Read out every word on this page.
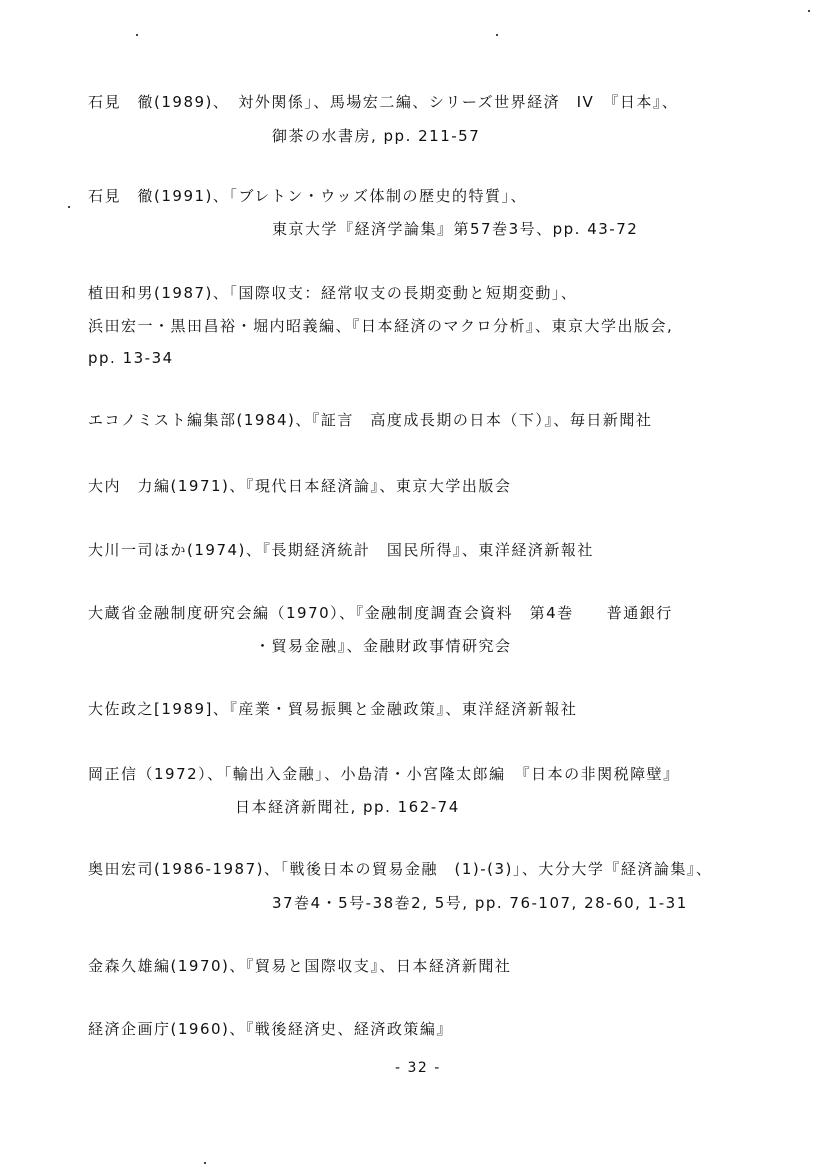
石見　徹(1989)、　対外関係」、馬場宏二編、シリーズ世界経済　IV　『日本』、
御茶の水書房, pp. 211-57
石見　徹(1991)、「ブレトン・ウッズ体制の歴史的特質」、
東京大学『経済学論集』第57巻3号、pp. 43-72
植田和男(1987)、「国際収支：経常収支の長期変動と短期変動」、
浜田宏一・黒田昌裕・堀内昭義編、『日本経済のマクロ分析』、東京大学出版会,
pp. 13-34
エコノミスト編集部(1984)、『証言　高度成長期の日本（下）』、毎日新聞社
大内　力編(1971)、『現代日本経済論』、東京大学出版会
大川一司ほか(1974)、『長期経済統計　国民所得』、東洋経済新報社
大蔵省金融制度研究会編（1970）、『金融制度調査会資料　第4巻　　普通銀行
・貿易金融』、金融財政事情研究会
大佐政之[1989]、『産業・貿易振興と金融政策』、東洋経済新報社
岡正信（1972）、「輸出入金融」、小島清・小宮隆太郎編　『日本の非関税障壁』
日本経済新聞社, pp. 162-74
奥田宏司(1986-1987)、「戦後日本の貿易金融　(1)-(3)」、大分大学『経済論集』、
37巻4・5号-38巻2, 5号, pp. 76-107, 28-60, 1-31
金森久雄編(1970)、『貿易と国際収支』、日本経済新聞社
経済企画庁(1960)、『戦後経済史、経済政策編』
- 32 -
